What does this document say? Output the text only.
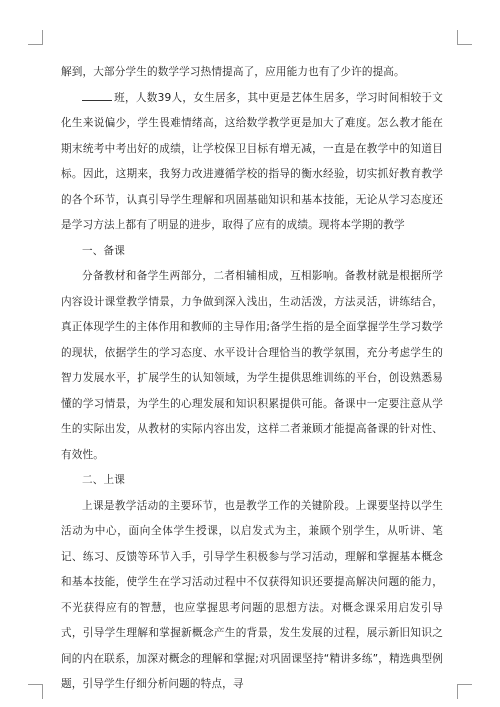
解到，大部分学生的数学学习热情提高了，应用能力也有了少许的提高。

班，人数39人，女生居多，其中更是艺体生居多，学习时间相较于文化生来说偏少，学生畏难情绪高，这给数学教学更是加大了难度。怎么教才能在期末统考中考出好的成绩，让学校保卫目标有增无减，一直是在教学中的知道目标。因此，这期来，我努力改进遵循学校的指导的衡水经验，切实抓好教育教学的各个环节，认真引导学生理解和巩固基础知识和基本技能，无论从学习态度还是学习方法上都有了明显的进步，取得了应有的成绩。现将本学期的教学

一、备课

分备教材和备学生两部分，二者相辅相成，互相影响。备教材就是根据所学内容设计课堂教学情景，力争做到深入浅出，生动活泼，方法灵活，讲练结合，真正体现学生的主体作用和教师的主导作用;备学生指的是全面掌握学生学习数学的现状，依据学生的学习态度、水平设计合理恰当的教学氛围，充分考虑学生的智力发展水平，扩展学生的认知领域，为学生提供思维训练的平台，创设熟悉易懂的学习情景，为学生的心理发展和知识积累提供可能。备课中一定要注意从学生的实际出发，从教材的实际内容出发，这样二者兼顾才能提高备课的针对性、有效性。

二、上课

上课是教学活动的主要环节，也是教学工作的关键阶段。上课要坚持以学生活动为中心，面向全体学生授课，以启发式为主，兼顾个别学生，从听讲、笔记、练习、反馈等环节入手，引导学生积极参与学习活动，理解和掌握基本概念和基本技能，使学生在学习活动过程中不仅获得知识还要提高解决问题的能力，不光获得应有的智慧，也应掌握思考问题的思想方法。对概念课采用启发引导式，引导学生理解和掌握新概念产生的背景，发生发展的过程，展示新旧知识之间的内在联系，加深对概念的理解和掌握;对巩固课坚持“精讲多练”，精选典型例题，引导学生仔细分析问题的特点，寻
